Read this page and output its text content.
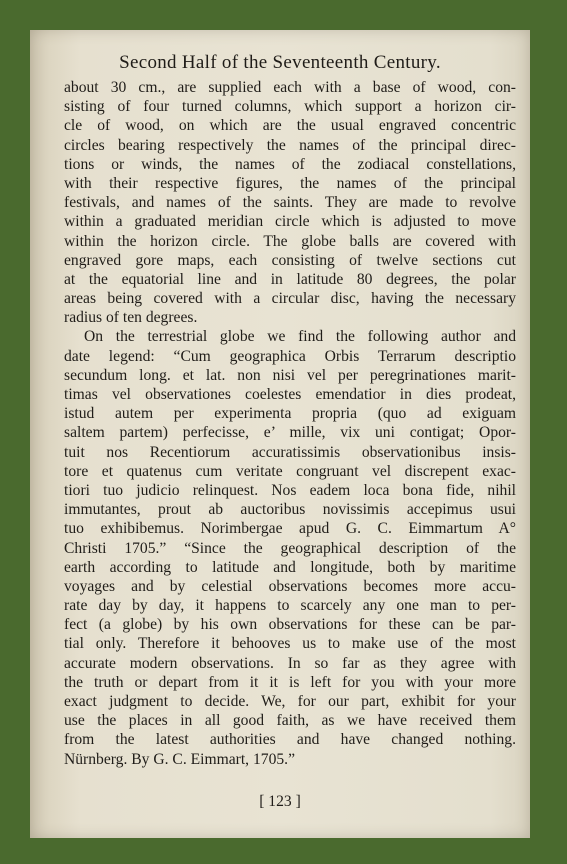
Second Half of the Seventeenth Century.
about 30 cm., are supplied each with a base of wood, con-
sisting of four turned columns, which support a horizon cir-
cle of wood, on which are the usual engraved concentric
circles bearing respectively the names of the principal direc-
tions or winds, the names of the zodiacal constellations,
with their respective figures, the names of the principal
festivals, and names of the saints. They are made to revolve
within a graduated meridian circle which is adjusted to move
within the horizon circle. The globe balls are covered with
engraved gore maps, each consisting of twelve sections cut
at the equatorial line and in latitude 80 degrees, the polar
areas being covered with a circular disc, having the necessary
radius of ten degrees.
On the terrestrial globe we find the following author and
date legend: “Cum geographica Orbis Terrarum descriptio
secundum long. et lat. non nisi vel per peregrinationes marit-
timas vel observationes coelestes emendatior in dies prodeat,
istud autem per experimenta propria (quo ad exiguam
saltem partem) perfecisse, e’ mille, vix uni contigat; Opor-
tuit nos Recentiorum accuratissimis observationibus insis-
tore et quatenus cum veritate congruant vel discrepent exac-
tiori tuo judicio relinquest. Nos eadem loca bona fide, nihil
immutantes, prout ab auctoribus novissimis accepimus usui
tuo exhibibemus. Norimbergae apud G. C. Eimmartum A°
Christi 1705.” “Since the geographical description of the
earth according to latitude and longitude, both by maritime
voyages and by celestial observations becomes more accu-
rate day by day, it happens to scarcely any one man to per-
fect (a globe) by his own observations for these can be par-
tial only. Therefore it behooves us to make use of the most
accurate modern observations. In so far as they agree with
the truth or depart from it it is left for you with your more
exact judgment to decide. We, for our part, exhibit for your
use the places in all good faith, as we have received them
from the latest authorities and have changed nothing.
Nürnberg. By G. C. Eimmart, 1705.”
[ 123 ]
